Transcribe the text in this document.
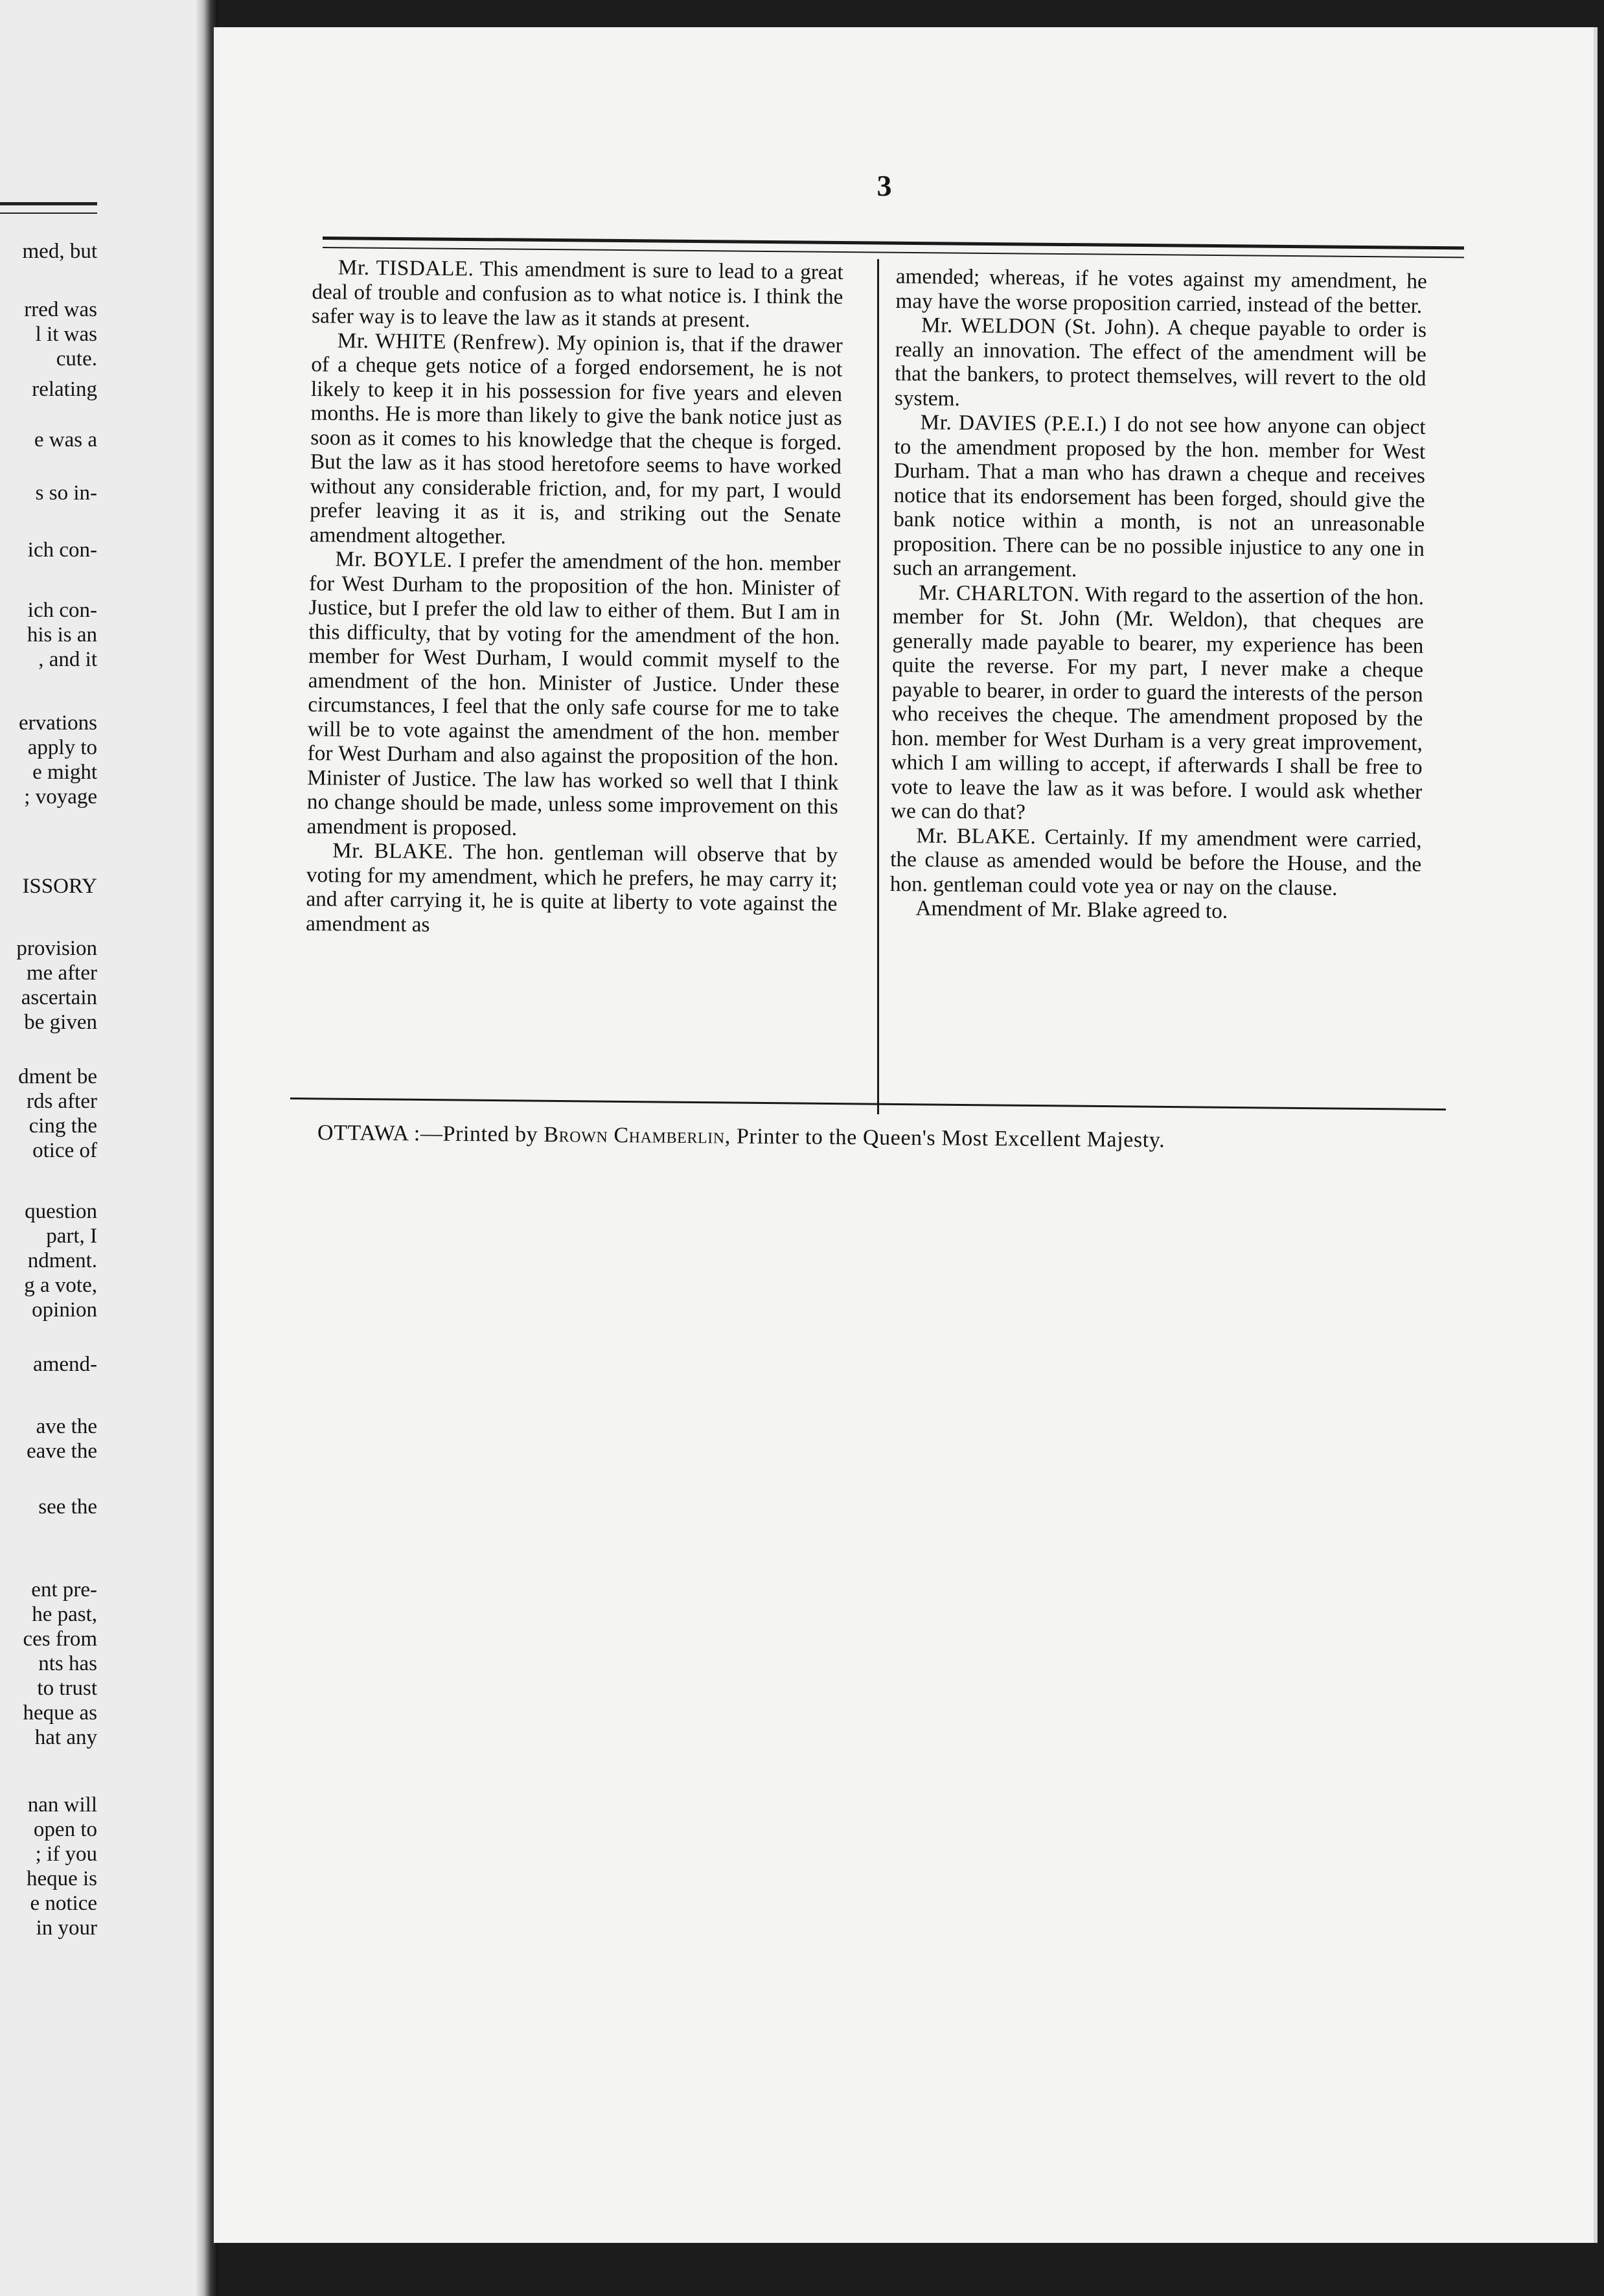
med, but
rred was
l it was
cute.
relating
e was a
s so in-
ich con-
ich con-
his is an
, and it
ervations
apply to
e might
; voyage
ISSORY
provision
me after
ascertain
be given
dment be
rds after
cing the
otice of
question
part, I
ndment.
g a vote,
opinion
amend-
ave the
eave the
see the
ent pre-
he past,
ces from
nts has
to trust
heque as
hat any
nan will
open to
; if you
heque is
e notice
in your
3

Mr. TISDALE. This amendment is sure to lead to a great deal of trouble and confusion as to what notice is. I think the safer way is to leave the law as it stands at present.

Mr. WHITE (Renfrew). My opinion is, that if the drawer of a cheque gets notice of a forged endorsement, he is not likely to keep it in his possession for five years and eleven months. He is more than likely to give the bank notice just as soon as it comes to his knowledge that the cheque is forged. But the law as it has stood heretofore seems to have worked without any considerable friction, and, for my part, I would prefer leaving it as it is, and striking out the Senate amendment altogether.

Mr. BOYLE. I prefer the amendment of the hon. member for West Durham to the proposition of the hon. Minister of Justice, but I prefer the old law to either of them. But I am in this difficulty, that by voting for the amendment of the hon. member for West Durham, I would commit myself to the amendment of the hon. Minister of Justice. Under these circumstances, I feel that the only safe course for me to take will be to vote against the amendment of the hon. member for West Durham and also against the proposition of the hon. Minister of Justice. The law has worked so well that I think no change should be made, unless some improvement on this amendment is proposed.

Mr. BLAKE. The hon. gentleman will observe that by voting for my amendment, which he prefers, he may carry it; and after carrying it, he is quite at liberty to vote against the amendment as

amended; whereas, if he votes against my amendment, he may have the worse proposition carried, instead of the better.

Mr. WELDON (St. John). A cheque payable to order is really an innovation. The effect of the amendment will be that the bankers, to protect themselves, will revert to the old system.

Mr. DAVIES (P.E.I.) I do not see how anyone can object to the amendment proposed by the hon. member for West Durham. That a man who has drawn a cheque and receives notice that its endorsement has been forged, should give the bank notice within a month, is not an unreasonable proposition. There can be no possible injustice to any one in such an arrangement.

Mr. CHARLTON. With regard to the assertion of the hon. member for St. John (Mr. Weldon), that cheques are generally made payable to bearer, my experience has been quite the reverse. For my part, I never make a cheque payable to bearer, in order to guard the interests of the person who receives the cheque. The amendment proposed by the hon. member for West Durham is a very great improvement, which I am willing to accept, if afterwards I shall be free to vote to leave the law as it was before. I would ask whether we can do that?

Mr. BLAKE. Certainly. If my amendment were carried, the clause as amended would be before the House, and the hon. gentleman could vote yea or nay on the clause.

Amendment of Mr. Blake agreed to.

OTTAWA :—Printed by Brown Chamberlin, Printer to the Queen's Most Excellent Majesty.
